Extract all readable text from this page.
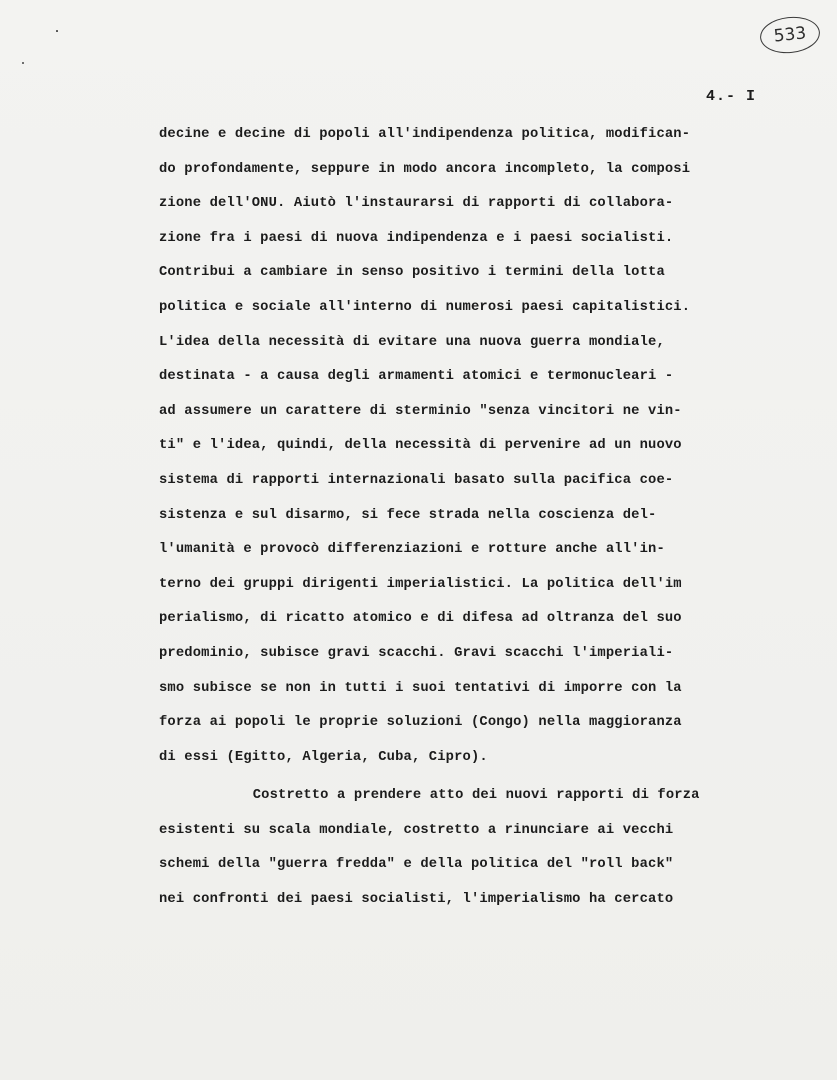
533
4.- I
decine e decine di popoli all'indipendenza politica, modifican-
do profondamente, seppure in modo ancora incompleto, la composi
zione dell'ONU. Aiutò l'instaurarsi di rapporti di collabora-
zione fra i paesi di nuova indipendenza e i paesi socialisti.
Contribui a cambiare in senso positivo i termini della lotta
politica e sociale all'interno di numerosi paesi capitalistici.
L'idea della necessità di evitare una nuova guerra mondiale,
destinata - a causa degli armamenti atomici e termonucleari -
ad assumere un carattere di sterminio "senza vincitori ne vin-
ti" e l'idea, quindi, della necessità di pervenire ad un nuovo
sistema di rapporti internazionali basato sulla pacifica coe-
sistenza e sul disarmo, si fece strada nella coscienza del-
l'umanità e provocò differenziazioni e rotture anche all'in-
terno dei gruppi dirigenti imperialistici. La politica dell'im
perialismo, di ricatto atomico e di difesa ad oltranza del suo
predominio, subisce gravi scacchi. Gravi scacchi l'imperiali-
smo subisce se non in tutti i suoi tentativi di imporre con la
forza ai popoli le proprie soluzioni (Congo) nella maggioranza
di essi (Egitto, Algeria, Cuba, Cipro).
Costretto a prendere atto dei nuovi rapporti di forza
esistenti su scala mondiale, costretto a rinunciare ai vecchi
schemi della "guerra fredda" e della politica del "roll back"
nei confronti dei paesi socialisti, l'imperialismo ha cercato
